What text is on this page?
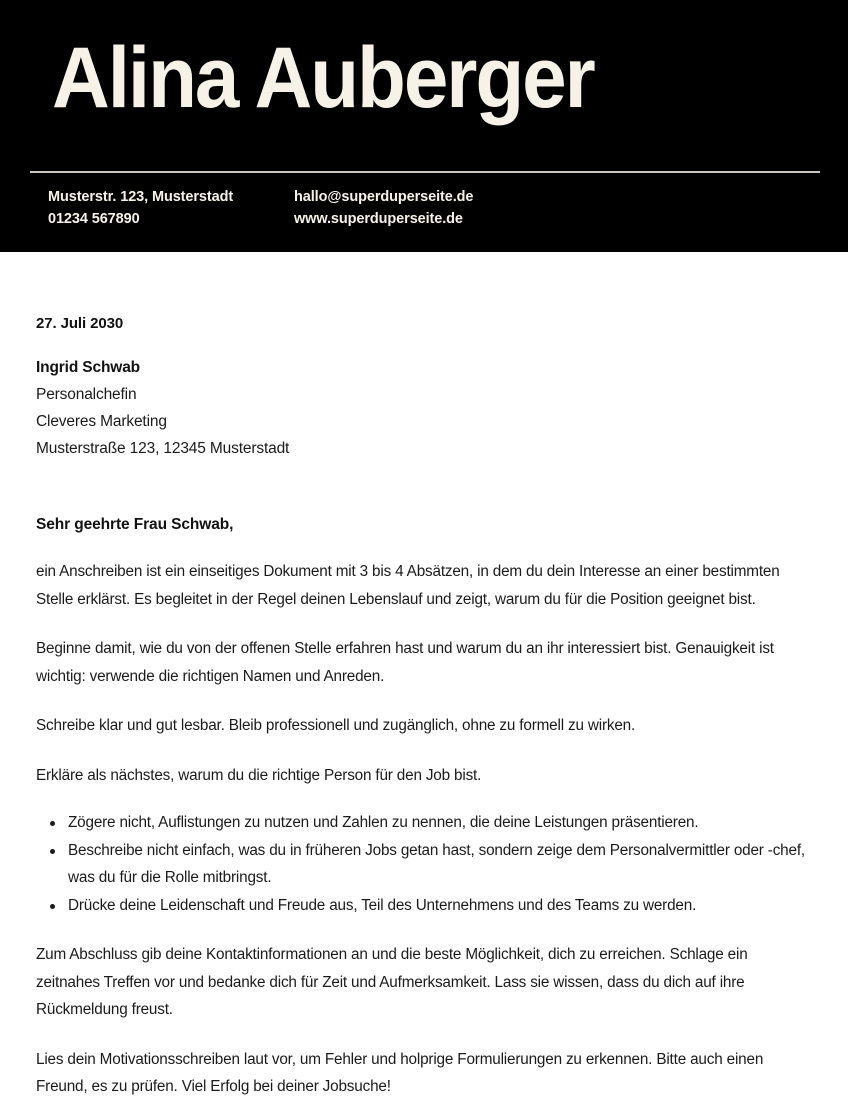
Alina Auberger
Musterstr. 123, Musterstadt
01234 567890
hallo@superduperseite.de
www.superduperseite.de
27. Juli 2030
Ingrid Schwab
Personalchefin
Cleveres Marketing
Musterstraße 123, 12345 Musterstadt
Sehr geehrte Frau Schwab,

ein Anschreiben ist ein einseitiges Dokument mit 3 bis 4 Absätzen, in dem du dein Interesse an einer bestimmten Stelle erklärst. Es begleitet in der Regel deinen Lebenslauf und zeigt, warum du für die Position geeignet bist.

Beginne damit, wie du von der offenen Stelle erfahren hast und warum du an ihr interessiert bist. Genauigkeit ist wichtig: verwende die richtigen Namen und Anreden.

Schreibe klar und gut lesbar. Bleib professionell und zugänglich, ohne zu formell zu wirken.

Erkläre als nächstes, warum du die richtige Person für den Job bist.

Zögere nicht, Auflistungen zu nutzen und Zahlen zu nennen, die deine Leistungen präsentieren.
Beschreibe nicht einfach, was du in früheren Jobs getan hast, sondern zeige dem Personalvermittler oder -chef, was du für die Rolle mitbringst.
Drücke deine Leidenschaft und Freude aus, Teil des Unternehmens und des Teams zu werden.

Zum Abschluss gib deine Kontaktinformationen an und die beste Möglichkeit, dich zu erreichen. Schlage ein zeitnahes Treffen vor und bedanke dich für Zeit und Aufmerksamkeit. Lass sie wissen, dass du dich auf ihre Rückmeldung freust.

Lies dein Motivationsschreiben laut vor, um Fehler und holprige Formulierungen zu erkennen. Bitte auch einen Freund, es zu prüfen. Viel Erfolg bei deiner Jobsuche!
